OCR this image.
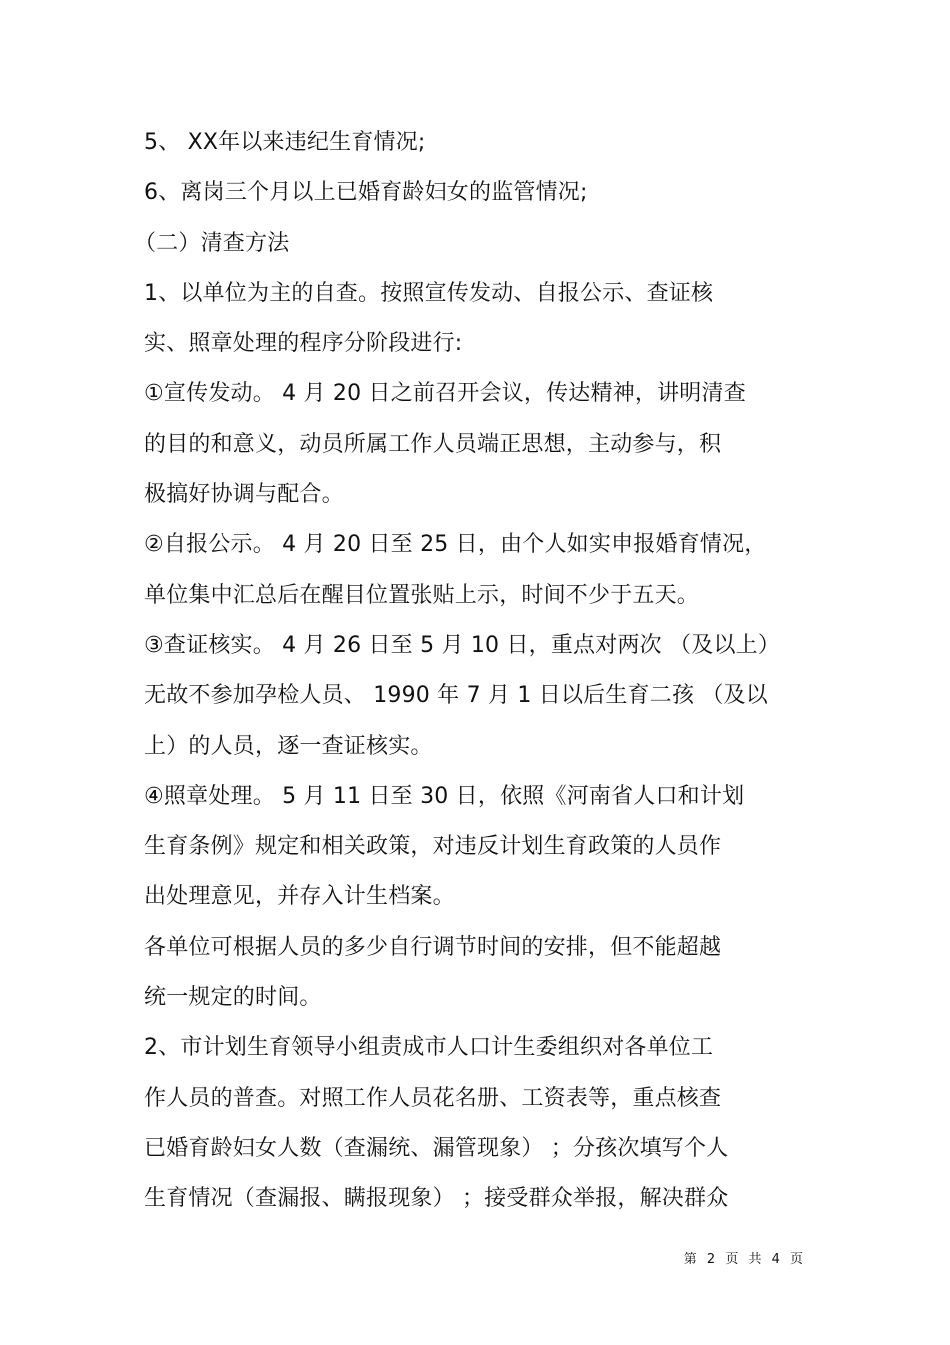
5、 XX年以来违纪生育情况;
6、离岗三个月以上已婚育龄妇女的监管情况;
（二）清查方法
1、以单位为主的自查。按照宣传发动、自报公示、查证核
实、照章处理的程序分阶段进行:
①宣传发动。 4 月 20 日之前召开会议，传达精神，讲明清查
的目的和意义，动员所属工作人员端正思想，主动参与，积
极搞好协调与配合。
②自报公示。 4 月 20 日至 25 日，由个人如实申报婚育情况，
单位集中汇总后在醒目位置张贴上示，时间不少于五天。
③查证核实。 4 月 26 日至 5 月 10 日，重点对两次 （及以上）
无故不参加孕检人员、 1990 年 7 月 1 日以后生育二孩 （及以
上）的人员，逐一查证核实。
④照章处理。 5 月 11 日至 30 日，依照《河南省人口和计划
生育条例》规定和相关政策，对违反计划生育政策的人员作
出处理意见，并存入计生档案。
各单位可根据人员的多少自行调节时间的安排，但不能超越
统一规定的时间。
2、市计划生育领导小组责成市人口计生委组织对各单位工
作人员的普查。对照工作人员花名册、工资表等，重点核查
已婚育龄妇女人数（查漏统、漏管现象） ；分孩次填写个人
生育情况（查漏报、瞒报现象） ；接受群众举报，解决群众
第 2 页 共 4 页
